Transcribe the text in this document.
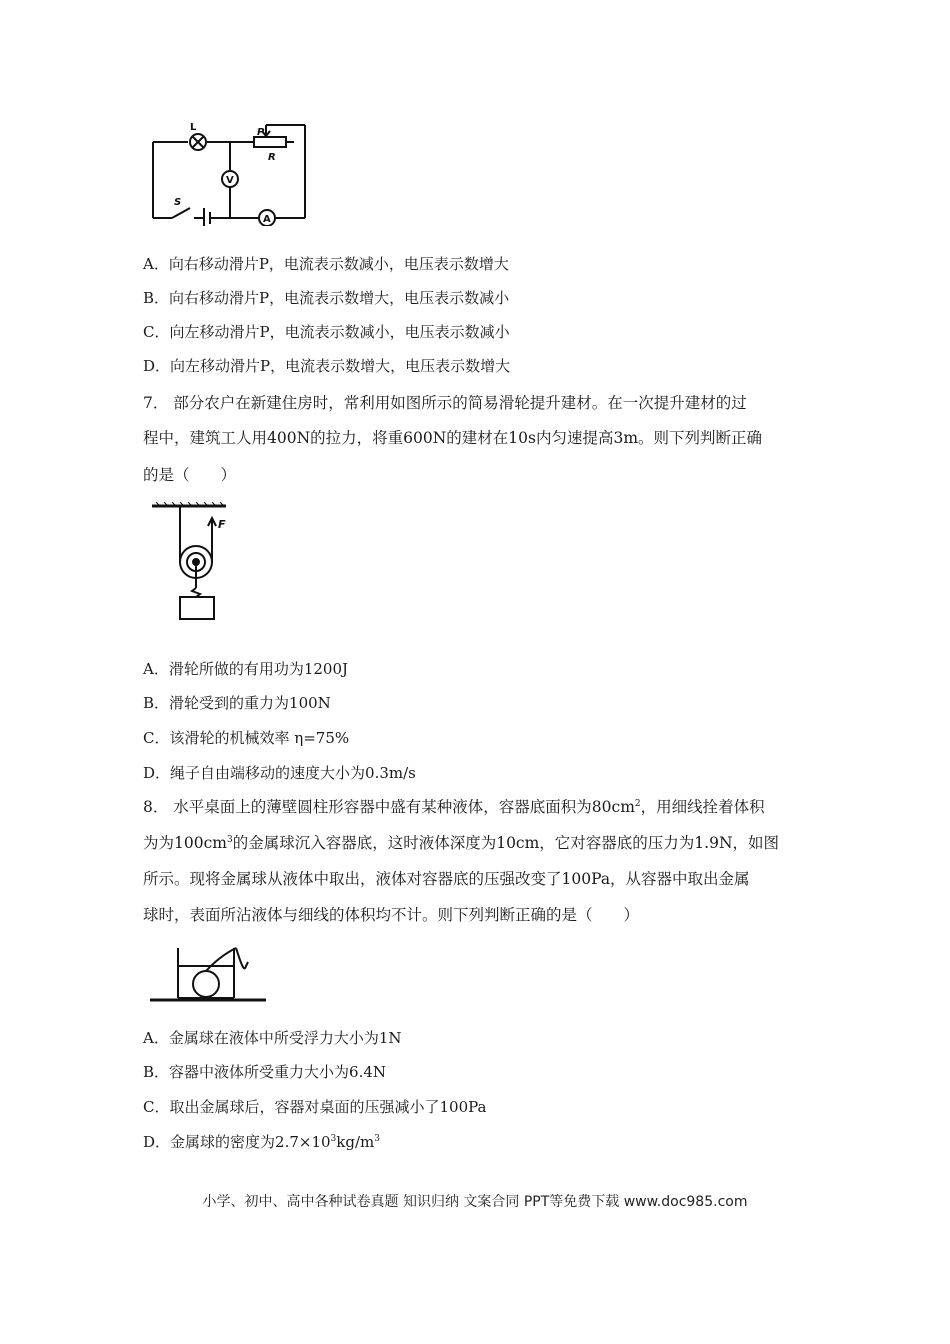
L	P
R
V
A
S
A．向右移动滑片P，电流表示数减小，电压表示数增大
B．向右移动滑片P，电流表示数增大，电压表示数减小
C．向左移动滑片P，电流表示数减小，电压表示数减小
D．向左移动滑片P，电流表示数增大，电压表示数增大
7． 部分农户在新建住房时，常利用如图所示的简易滑轮提升建材。在一次提升建材的过
程中，建筑工人用400N的拉力，将重600N的建材在10s内匀速提高3m。则下列判断正确
的是（　　）
F
A．滑轮所做的有用功为1200J
B．滑轮受到的重力为100N
C．该滑轮的机械效率 η=75%
D．绳子自由端移动的速度大小为0.3m/s
8． 水平桌面上的薄壁圆柱形容器中盛有某种液体，容器底面积为$80cm^2$，用细线拴着体积
为为$100cm^3$的金属球沉入容器底，这时液体深度为10cm，它对容器底的压力为1.9N，如图
所示。现将金属球从液体中取出，液体对容器底的压强改变了100Pa，从容器中取出金属
球时，表面所沾液体与细线的体积均不计。则下列判断正确的是（　　）
A．金属球在液体中所受浮力大小为1N
B．容器中液体所受重力大小为6.4N
C．取出金属球后，容器对桌面的压强减小了100Pa
D．金属球的密度为$2.7\times 10^3kg/m^3$
小学、初中、高中各种试卷真题 知识归纳 文案合同 PPT等免费下载 www.doc985.com
